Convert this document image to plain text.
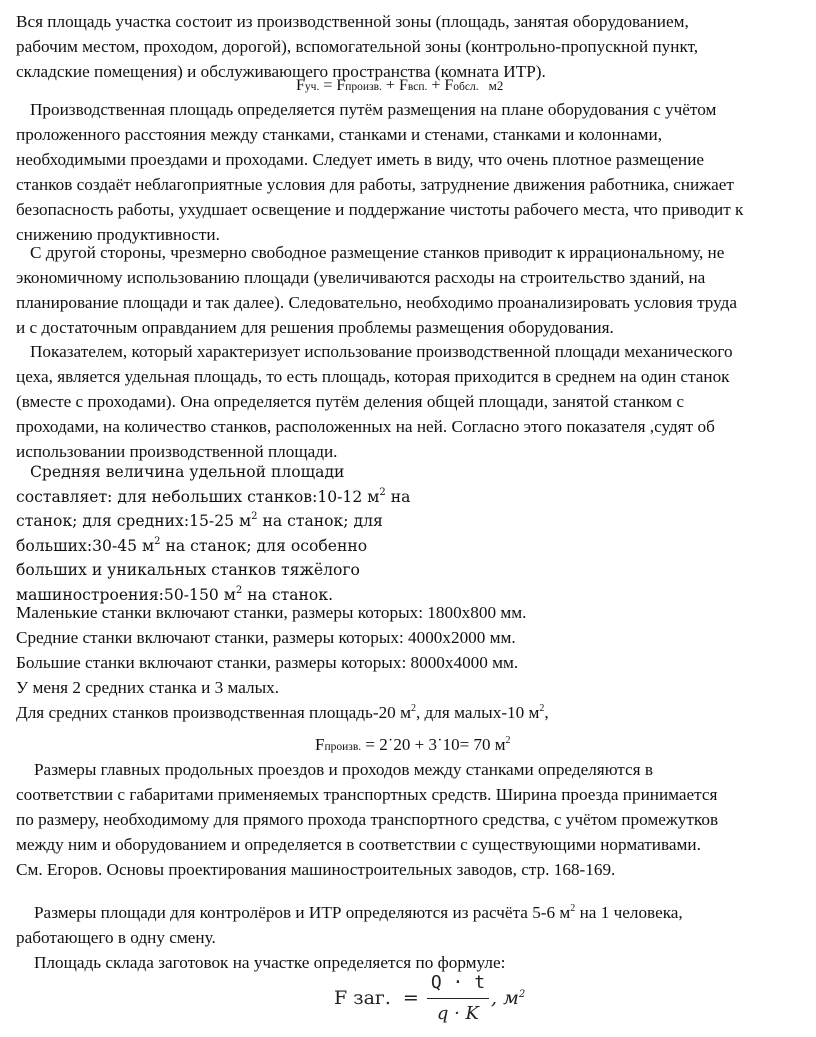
Вся площадь участка состоит из производственной зоны (площадь, занятая оборудованием,
рабочим местом, проходом, дорогой), вспомогательной зоны (контрольно-пропускной пункт,
складские помещения) и обслуживающего пространства (комната ИТР).
Fуч. = Fпроизв. + Fвсп. + Fобсл. м2
Производственная площадь определяется путём размещения на плане оборудования с учётом
проложенного расстояния между станками, станками и стенами, станками и колоннами,
необходимыми проездами и проходами. Следует иметь в виду, что очень плотное размещение
станков создаёт неблагоприятные условия для работы, затруднение движения работника, снижает
безопасность работы, ухудшает освещение и поддержание чистоты рабочего места, что приводит к
снижению продуктивности.
С другой стороны, чрезмерно свободное размещение станков приводит к иррациональному, не
экономичному использованию площади (увеличиваются расходы на строительство зданий, на
планирование площади и так далее). Следовательно, необходимо проанализировать условия труда
и с достаточным оправданием для решения проблемы размещения оборудования.
Показателем, который характеризует использование производственной площади механического
цеха, является удельная площадь, то есть площадь, которая приходится в среднем на один станок
(вместе с проходами). Она определяется путём деления общей площади, занятой станком с
проходами, на количество станков, расположенных на ней. Согласно этого показателя ,судят об
использовании производственной площади.
Средняя величина удельной площади
составляет: для небольших станков:10-12 $м^2$ на
станок; для средних:15-25 $м^2$ на станок; для
больших:30-45 $м^2$ на станок; для особенно
больших и уникальных станков тяжёлого
машиностроения:50-150 $м^2$ на станок.
Маленькие станки включают станки, размеры которых: 1800х800 мм.
Средние станки включают станки, размеры которых: 4000х2000 мм.
Большие станки включают станки, размеры которых: 8000х4000 мм.
У меня 2 средних станка и 3 малых.
Для средних станков производственная площадь-20 $м^2$, для малых-10 $м^2$,
Fпроизв. = 2˙20 + 3˙10= 70 $м^2$
Размеры главных продольных проездов и проходов между станками определяются в
соответствии с габаритами применяемых транспортных средств. Ширина проезда принимается
по размеру, необходимому для прямого прохода транспортного средства, с учётом промежутков
между ним и оборудованием и определяется в соответствии с существующими нормативами.
См. Егоров. Основы проектирования машиностроительных заводов, стр. 168-169.
Размеры площади для контролёров и ИТР определяются из расчёта 5-6 $м^2$ на 1 человека,
работающего в одну смену.
Площадь склада заготовок на участке определяется по формуле:
F заг. = $\frac{Q \cdot t}{q \cdot K}$ , $м^2$
